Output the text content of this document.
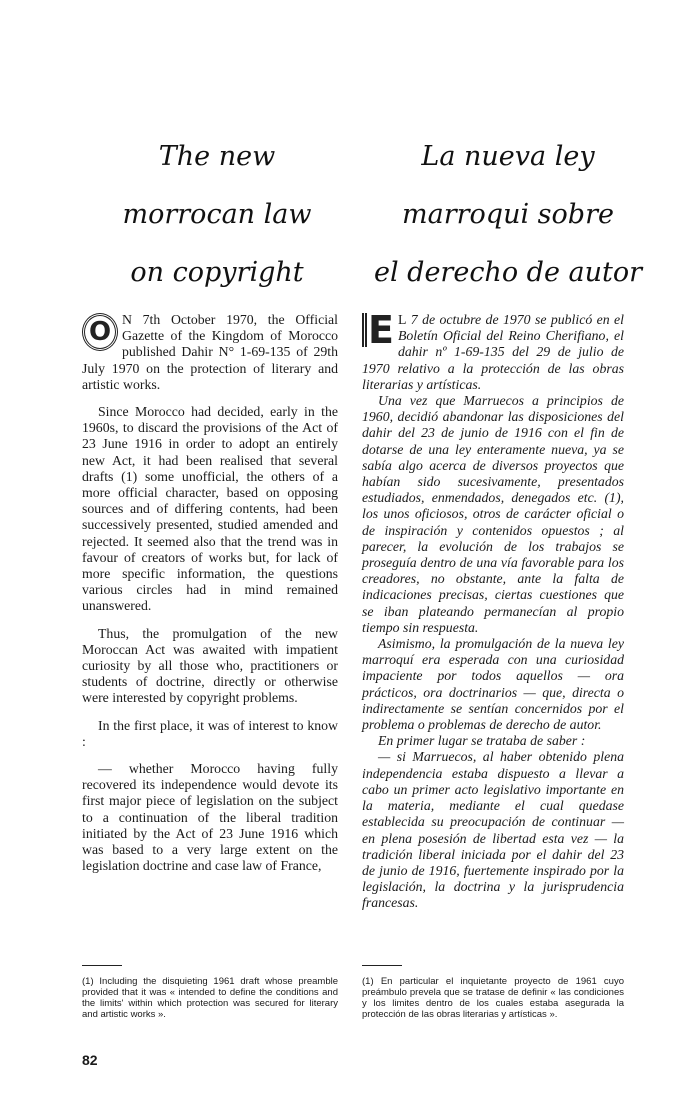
The new
morrocan law
on copyright
La nueva ley
marroqui sobre
el derecho de autor

O N 7th October 1970, the Official Gazette of the Kingdom of Morocco published Dahir N° 1-69-135 of 29th July 1970 on the protection of literary and artistic works.

Since Morocco had decided, early in the 1960s, to discard the provisions of the Act of 23 June 1916 in order to adopt an entirely new Act, it had been realised that several drafts (1) some unofficial, the others of a more official character, based on opposing sources and of differing contents, had been successively presented, studied amended and rejected. It seemed also that the trend was in favour of creators of works but, for lack of more specific information, the questions various circles had in mind remained unanswered.

Thus, the promulgation of the new Moroccan Act was awaited with impatient curiosity by all those who, practitioners or students of doctrine, directly or otherwise were interested by copyright problems.

In the first place, it was of interest to know :

— whether Morocco having fully recovered its independence would devote its first major piece of legislation on the subject to a continuation of the liberal tradition initiated by the Act of 23 June 1916 which was based to a very large extent on the legislation doctrine and case law of France,

E L 7 de octubre de 1970 se publicó en el Boletín Oficial del Reino Cherifiano, el dahir nº 1-69-135 del 29 de julio de 1970 relativo a la protección de las obras literarias y artísticas.

Una vez que Marruecos a principios de 1960, decidió abandonar las disposiciones del dahir del 23 de junio de 1916 con el fin de dotarse de una ley enteramente nueva, ya se sabía algo acerca de diversos proyectos que habían sido sucesivamente, presentados estudiados, enmendados, denegados etc. (1), los unos oficiosos, otros de carácter oficial o de inspiración y contenidos opuestos ; al parecer, la evolución de los trabajos se proseguía dentro de una vía favorable para los creadores, no obstante, ante la falta de indicaciones precisas, ciertas cuestiones que se iban plateando permanecían al propio tiempo sin respuesta.

Asimismo, la promulgación de la nueva ley marroquí era esperada con una curiosidad impaciente por todos aquellos — ora prácticos, ora doctrinarios — que, directa o indirectamente se sentían concernidos por el problema o problemas de derecho de autor.

En primer lugar se trataba de saber :

— si Marruecos, al haber obtenido plena independencia estaba dispuesto a llevar a cabo un primer acto legislativo importante en la materia, mediante el cual quedase establecida su preocupación de continuar — en plena posesión de libertad esta vez — la tradición liberal iniciada por el dahir del 23 de junio de 1916, fuertemente inspirado por la legislación, la doctrina y la jurisprudencia francesas.

(1) Including the disquieting 1961 draft whose preamble provided that it was « intended to define the conditions and the limits' within which protection was secured for literary and artistic works ».
(1) En particular el inquietante proyecto de 1961 cuyo preámbulo prevela que se tratase de definir « las condiciones y los limites dentro de los cuales estaba asegurada la protección de las obras literarias y artísticas ».
82
